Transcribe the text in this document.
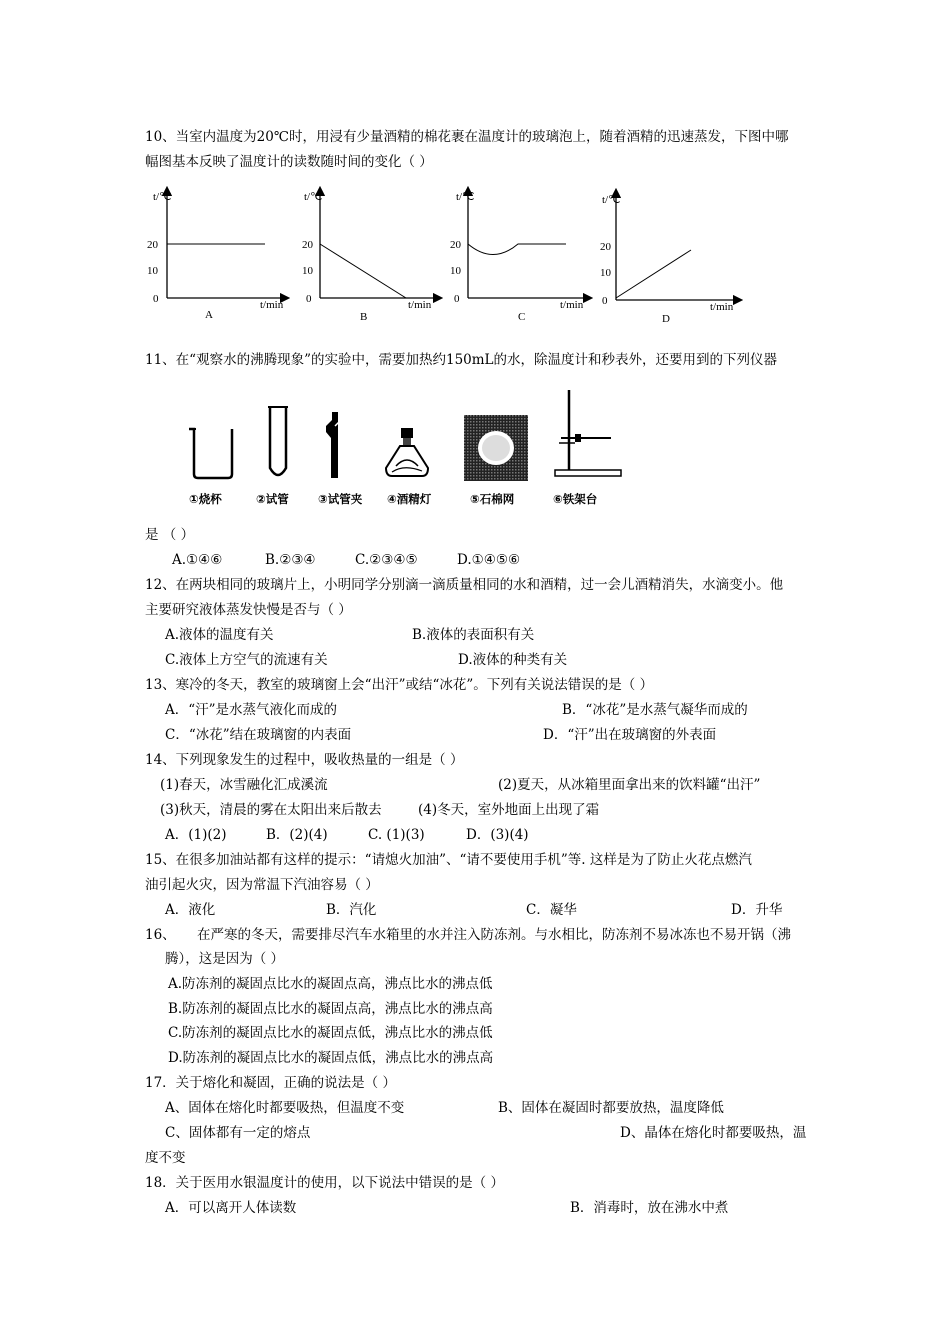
10、当室内温度为20℃时，用浸有少量酒精的棉花裹在温度计的玻璃泡上，随着酒精的迅速蒸发，下图中哪
幅图基本反映了温度计的读数随时间的变化（ ）
t/℃
t/min
20
10
0
A
t/℃
t/min
20
10
0
B
t/℃
t/min
20
10
0
C
t/℃
t/min
20
10
0
D
11、在“观察水的沸腾现象”的实验中，需要加热约150mL的水，除温度计和秒表外，还要用到的下列仪器
①烧杯	②试管	③试管夹 ④酒精灯	⑤石棉网	⑥铁架台
是 （ ）
A.①④⑥	B.②③④	C.②③④⑤	D.①④⑤⑥
12、在两块相同的玻璃片上，小明同学分别滴一滴质量相同的水和酒精，过一会儿酒精消失，水滴变小。他
主要研究液体蒸发快慢是否与（ ）
A.液体的温度有关	B.液体的表面积有关
C.液体上方空气的流速有关	D.液体的种类有关
13、寒冷的冬天，教室的玻璃窗上会“出汗”或结“冰花”。下列有关说法错误的是（ ）
A．“汗”是水蒸气液化而成的	B．“冰花”是水蒸气凝华而成的
C．“冰花”结在玻璃窗的内表面	D．“汗”出在玻璃窗的外表面
14、下列现象发生的过程中，吸收热量的一组是（ ）
(1)春天，冰雪融化汇成溪流	(2)夏天，从冰箱里面拿出来的饮料罐“出汗”
(3)秋天，清晨的雾在太阳出来后散去	(4)冬天，室外地面上出现了霜
A．(1)(2)	B．(2)(4)	C. (1)(3)	D．(3)(4)
15、在很多加油站都有这样的提示：“请熄火加油”、“请不要使用手机”等. 这样是为了防止火花点燃汽
油引起火灾，因为常温下汽油容易（ ）
A．液化	B．汽化	C．凝华	D．升华
16、 在严寒的冬天，需要排尽汽车水箱里的水并注入防冻剂。与水相比，防冻剂不易冰冻也不易开锅（沸
腾），这是因为（ ）
A.防冻剂的凝固点比水的凝固点高，沸点比水的沸点低
B.防冻剂的凝固点比水的凝固点高，沸点比水的沸点高
C.防冻剂的凝固点比水的凝固点低，沸点比水的沸点低
D.防冻剂的凝固点比水的凝固点低，沸点比水的沸点高
17．关于熔化和凝固，正确的说法是（ ）
A、固体在熔化时都要吸热，但温度不变	B、固体在凝固时都要放热，温度降低
C、固体都有一定的熔点	D、晶体在熔化时都要吸热，温
度不变
18．关于医用水银温度计的使用，以下说法中错误的是（ ）
A．可以离开人体读数	B．消毒时，放在沸水中煮
